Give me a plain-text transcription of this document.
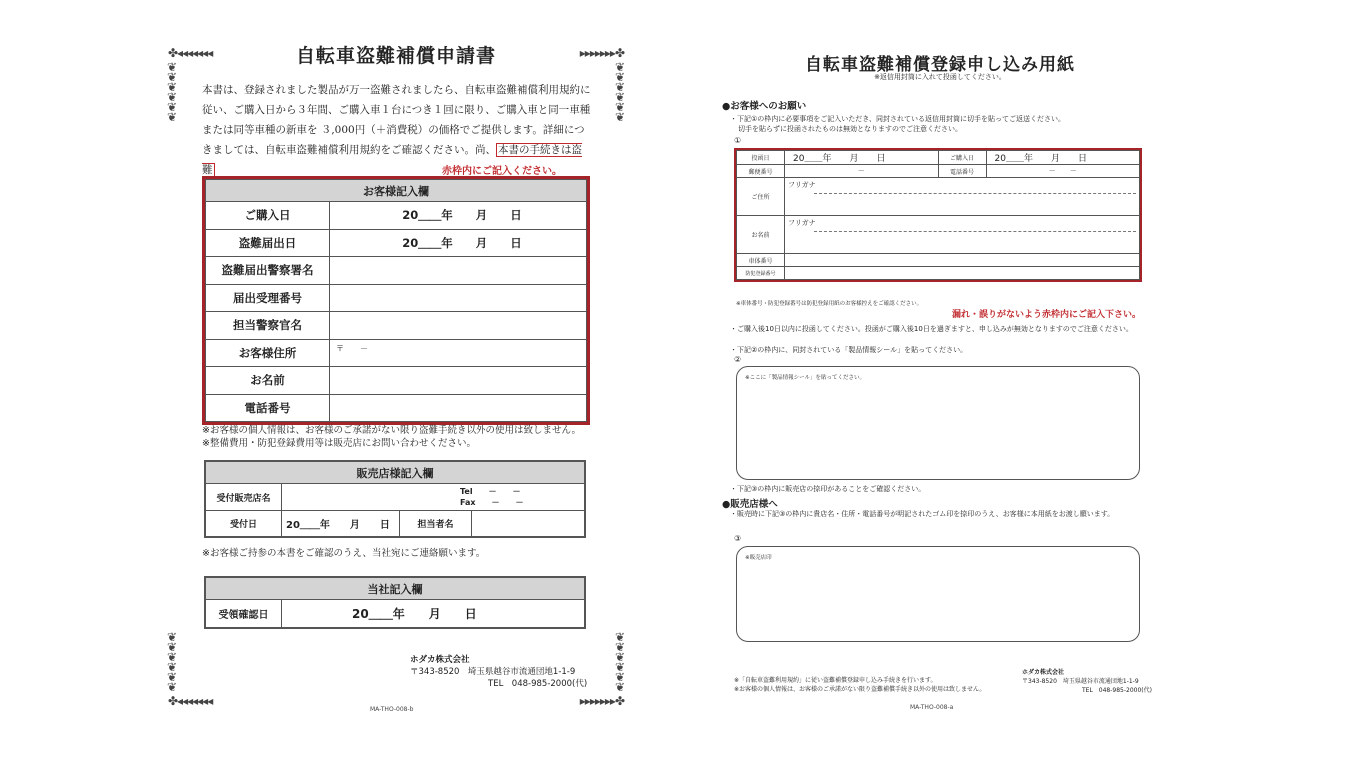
✤◂◂◂◂◂◂◂	▸▸▸▸▸▸▸✤
❦
❦
❦
❦
❦
❦
❦
❦
❦
❦
❦
❦
❦
❦
❦
❦
❦
❦
❦
❦
❦
❦
❦
❦
✤◂◂◂◂◂◂◂	▸▸▸▸▸▸▸✤
自転車盗難補償申請書
本書は、登録されました製品が万一盗難されましたら、自転車盗難補償利用規約に従い、ご購入日から３年間、ご購入車１台につき１回に限り、ご購入車と同一車種または同等車種の新車を ３,000円（＋消費税）の価格でご提供します。詳細につきましては、自転車盗難補償利用規約をご確認ください。尚、 本書の手続きは盗難	赤枠内にご記入ください。
お客様記入欄	
ご購入日	20＿＿年　　月　　日
盗難届出日	20＿＿年　　月　　日
盗難届出警察署名	
届出受理番号	
担当警察官名	
お客様住所	〒　　－
お名前	
電話番号	
※お客様の個人情報は、お客様のご承諾がない限り盗難手続き以外の使用は致しません。
※整備費用・防犯登録費用等は販売店にお問い合わせください。
販売店様記入欄			
受付販売店名	Tel　　－　　－
Fax　　－　　－		

受付日	20＿＿年　　月　　日	担当者名	
※お客様ご持参の本書をご確認のうえ、当社宛にご連絡願います。
当社記入欄
受領確認日	20＿＿年　　月　　日
ホダカ株式会社
〒343-8520　埼玉県越谷市流通団地1-1-9
TEL　048-985-2000(代)
MA-THO-008-b
自転車盗難補償登録申し込み用紙
※返信用封筒に入れて投函してください。
●お客様へのお願い
・下記①の枠内に必要事項をご記入いただき、同封されている返信用封筒に切手を貼ってご返送ください。
切手を貼らずに投函されたものは無効となりますのでご注意ください。
①
投函日	20＿＿年　　月　　日	ご購入日	20＿＿年　　月　　日
郵便番号	－	電話番号	－　　－
ご住所	フリガナ		

お名前	フリガナ		

車体番号			
防犯登録番号			
※車体番号・防犯登録番号は防犯登録用紙のお客様控えをご確認ください。
漏れ・誤りがないよう赤枠内にご記入下さい。
・ご購入後10日以内に投函してください。投函がご購入後10日を過ぎますと、申し込みが無効となりますのでご注意ください。
・下記②の枠内に、同封されている「製品情報シール」を貼ってください。
②
※ここに「製品情報シール」を貼ってください。
・下記③の枠内に販売店の捺印があることをご確認ください。
●販売店様へ
・販売時に下記③の枠内に貴店名・住所・電話番号が明記されたゴム印を捺印のうえ、お客様に本用紙をお渡し願います。
③
※販売店印
※「自転車盗難利用規約」に従い盗難補償登録申し込み手続きを行います。
※お客様の個人情報は、お客様のご承諾がない限り盗難補償手続き以外の使用は致しません。
ホダカ株式会社
〒343-8520　埼玉県越谷市流通団地1-1-9
TEL　048-985-2000(代)
MA-THO-008-a
